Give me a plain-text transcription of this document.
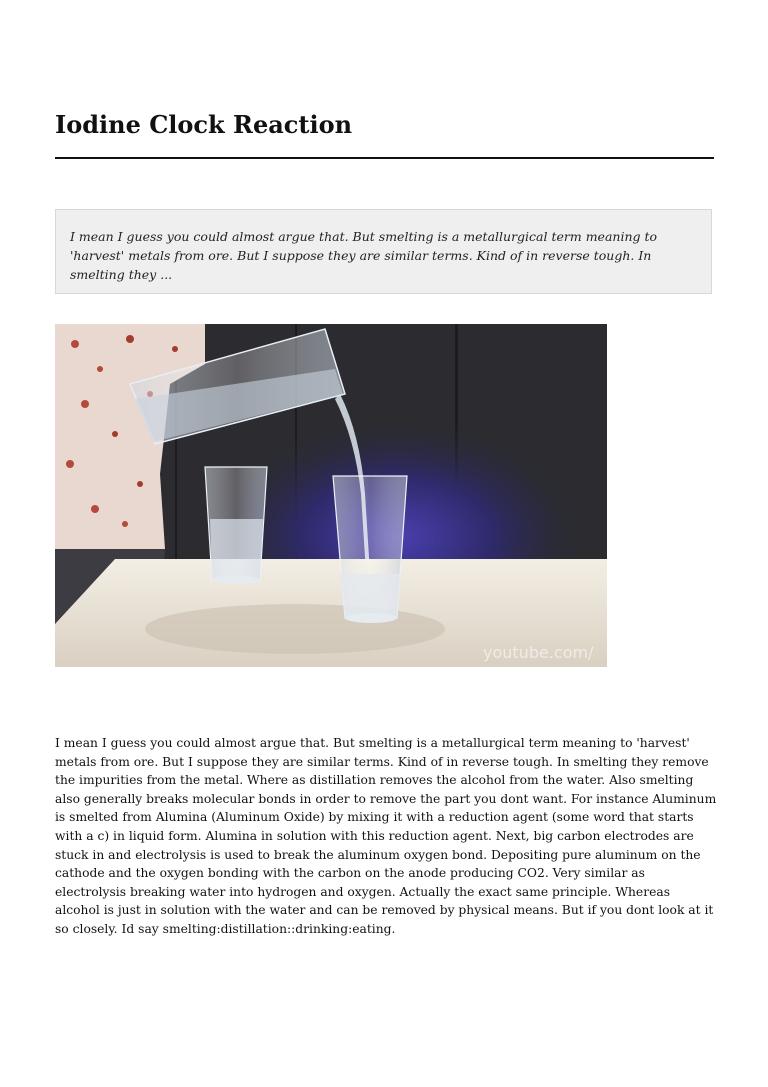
Iodine Clock Reaction
I mean I guess you could almost argue that. But smelting is a metallurgical term meaning to 'harvest' metals from ore. But I suppose they are similar terms. Kind of in reverse tough. In smelting they ...
youtube.com/

I mean I guess you could almost argue that. But smelting is a metallurgical term meaning to 'harvest' metals from ore. But I suppose they are similar terms. Kind of in reverse tough. In smelting they remove the impurities from the metal. Where as distillation removes the alcohol from the water. Also smelting also generally breaks molecular bonds in order to remove the part you dont want. For instance Aluminum is smelted from Alumina (Aluminum Oxide) by mixing it with a reduction agent (some word that starts with a c) in liquid form. Alumina in solution with this reduction agent. Next, big carbon electrodes are stuck in and electrolysis is used to break the aluminum oxygen bond. Depositing pure aluminum on the cathode and the oxygen bonding with the carbon on the anode producing CO2. Very similar as electrolysis breaking water into hydrogen and oxygen. Actually the exact same principle. Whereas alcohol is just in solution with the water and can be removed by physical means. But if you dont look at it so closely. Id say smelting:distillation::drinking:eating.
